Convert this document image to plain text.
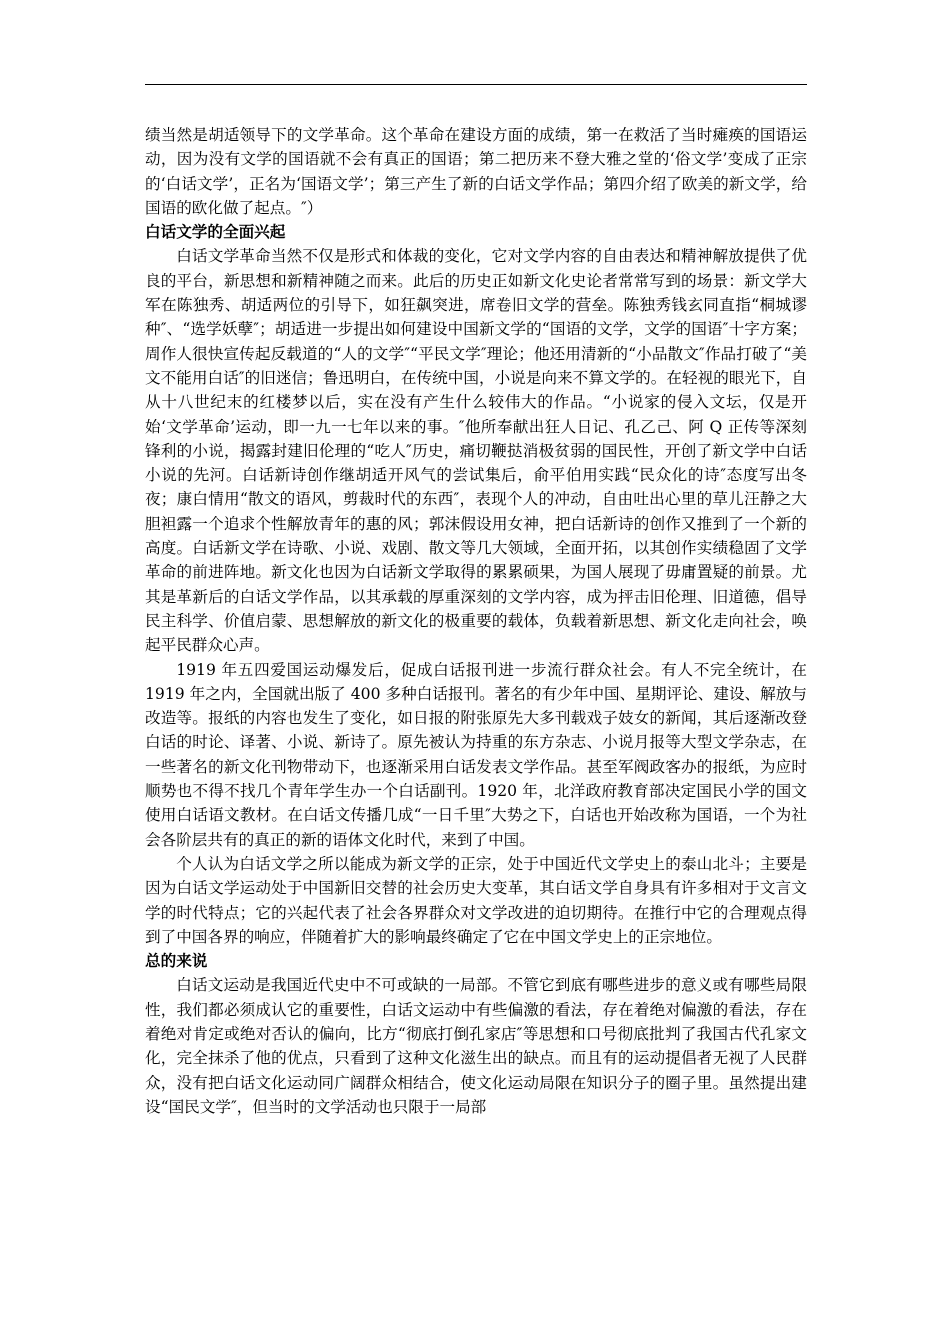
绩当然是胡适领导下的文学革命。这个革命在建设方面的成绩，第一在救活了当时瘫痪的国语运动，因为没有文学的国语就不会有真正的国语；第二把历来不登大雅之堂的‘俗文学’变成了正宗的‘白话文学’，正名为‘国语文学’；第三产生了新的白话文学作品；第四介绍了欧美的新文学，给国语的欧化做了起点。″）

白话文学的全面兴起

白话文学革命当然不仅是形式和体裁的变化，它对文学内容的自由表达和精神解放提供了优良的平台，新思想和新精神随之而来。此后的历史正如新文化史论者常常写到的场景：新文学大军在陈独秀、胡适两位的引导下，如狂飙突进，席卷旧文学的营垒。陈独秀钱玄同直指“桐城谬种″、“选学妖孽″；胡适进一步提出如何建设中国新文学的“国语的文学，文学的国语″十字方案；周作人很快宣传起反载道的“人的文学″“平民文学″理论；他还用清新的“小品散文″作品打破了“美文不能用白话″的旧迷信；鲁迅明白，在传统中国，小说是向来不算文学的。在轻视的眼光下，自从十八世纪末的红楼梦以后，实在没有产生什么较伟大的作品。“小说家的侵入文坛，仅是开始‘文学革命’运动，即一九一七年以来的事。″他所奉献出狂人日记、孔乙己、阿 Q 正传等深刻锋利的小说，揭露封建旧伦理的“吃人″历史，痛切鞭挞消极贫弱的国民性，开创了新文学中白话小说的先河。白话新诗创作继胡适开风气的尝试集后，俞平伯用实践“民众化的诗″态度写出冬夜；康白情用“散文的语风，剪裁时代的东西″，表现个人的冲动，自由吐出心里的草儿汪静之大胆袒露一个追求个性解放青年的惠的风；郭沫假设用女神，把白话新诗的创作又推到了一个新的高度。白话新文学在诗歌、小说、戏剧、散文等几大领域，全面开拓，以其创作实绩稳固了文学革命的前进阵地。新文化也因为白话新文学取得的累累硕果，为国人展现了毋庸置疑的前景。尤其是革新后的白话文学作品，以其承载的厚重深刻的文学内容，成为抨击旧伦理、旧道德，倡导民主科学、价值启蒙、思想解放的新文化的极重要的载体，负载着新思想、新文化走向社会，唤起平民群众心声。

1919 年五四爱国运动爆发后，促成白话报刊进一步流行群众社会。有人不完全统计，在 1919 年之内，全国就出版了 400 多种白话报刊。著名的有少年中国、星期评论、建设、解放与改造等。报纸的内容也发生了变化，如日报的附张原先大多刊载戏子妓女的新闻，其后逐渐改登白话的时论、译著、小说、新诗了。原先被认为持重的东方杂志、小说月报等大型文学杂志，在一些著名的新文化刊物带动下，也逐渐采用白话发表文学作品。甚至军阀政客办的报纸，为应时顺势也不得不找几个青年学生办一个白话副刊。1920 年，北洋政府教育部决定国民小学的国文使用白话语文教材。在白话文传播几成“一日千里″大势之下，白话也开始改称为国语，一个为社会各阶层共有的真正的新的语体文化时代，来到了中国。

个人认为白话文学之所以能成为新文学的正宗，处于中国近代文学史上的泰山北斗；主要是因为白话文学运动处于中国新旧交替的社会历史大变革，其白话文学自身具有许多相对于文言文学的时代特点；它的兴起代表了社会各界群众对文学改进的迫切期待。在推行中它的合理观点得到了中国各界的响应，伴随着扩大的影响最终确定了它在中国文学史上的正宗地位。

总的来说

白话文运动是我国近代史中不可或缺的一局部。不管它到底有哪些进步的意义或有哪些局限性，我们都必须成认它的重要性，白话文运动中有些偏激的看法，存在着绝对偏激的看法，存在着绝对肯定或绝对否认的偏向，比方“彻底打倒孔家店″等思想和口号彻底批判了我国古代孔家文化，完全抹杀了他的优点，只看到了这种文化滋生出的缺点。而且有的运动提倡者无视了人民群众，没有把白话文化运动同广阔群众相结合，使文化运动局限在知识分子的圈子里。虽然提出建设“国民文学″，但当时的文学活动也只限于一局部
